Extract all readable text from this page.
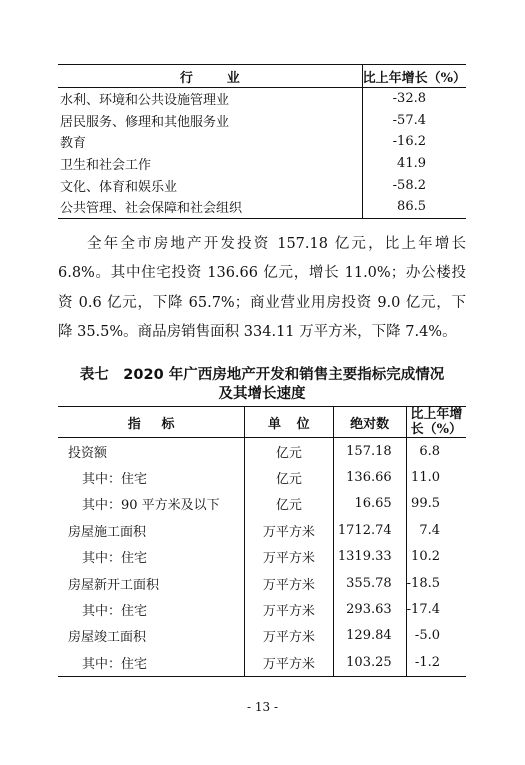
行业	比上年增长（%）
水利、环境和公共设施管理业	-32.8
居民服务、修理和其他服务业	-57.4
教育	-16.2
卫生和社会工作	41.9
文化、体育和娱乐业	-58.2
公共管理、社会保障和社会组织	86.5
全年全市房地产开发投资 157.18 亿元，比上年增长
6.8%。其中住宅投资 136.66 亿元，增长 11.0%；办公楼投
资 0.6 亿元，下降 65.7%；商业营业用房投资 9.0 亿元，下
降 35.5%。商品房销售面积 334.11 万平方米，下降 7.4%。
表七　2020 年广西房地产开发和销售主要指标完成情况
及其增长速度
指标	单位	绝对数	比上年增
长（%）

投资额	亿元	157.18	6.8
其中：住宅	亿元	136.66	11.0
其中：90 平方米及以下	亿元	16.65	99.5
房屋施工面积	万平方米	1712.74	7.4
其中：住宅	万平方米	1319.33	10.2
房屋新开工面积	万平方米	355.78	-18.5
其中：住宅	万平方米	293.63	-17.4
房屋竣工面积	万平方米	129.84	-5.0
其中：住宅	万平方米	103.25	-1.2
- 13 -
